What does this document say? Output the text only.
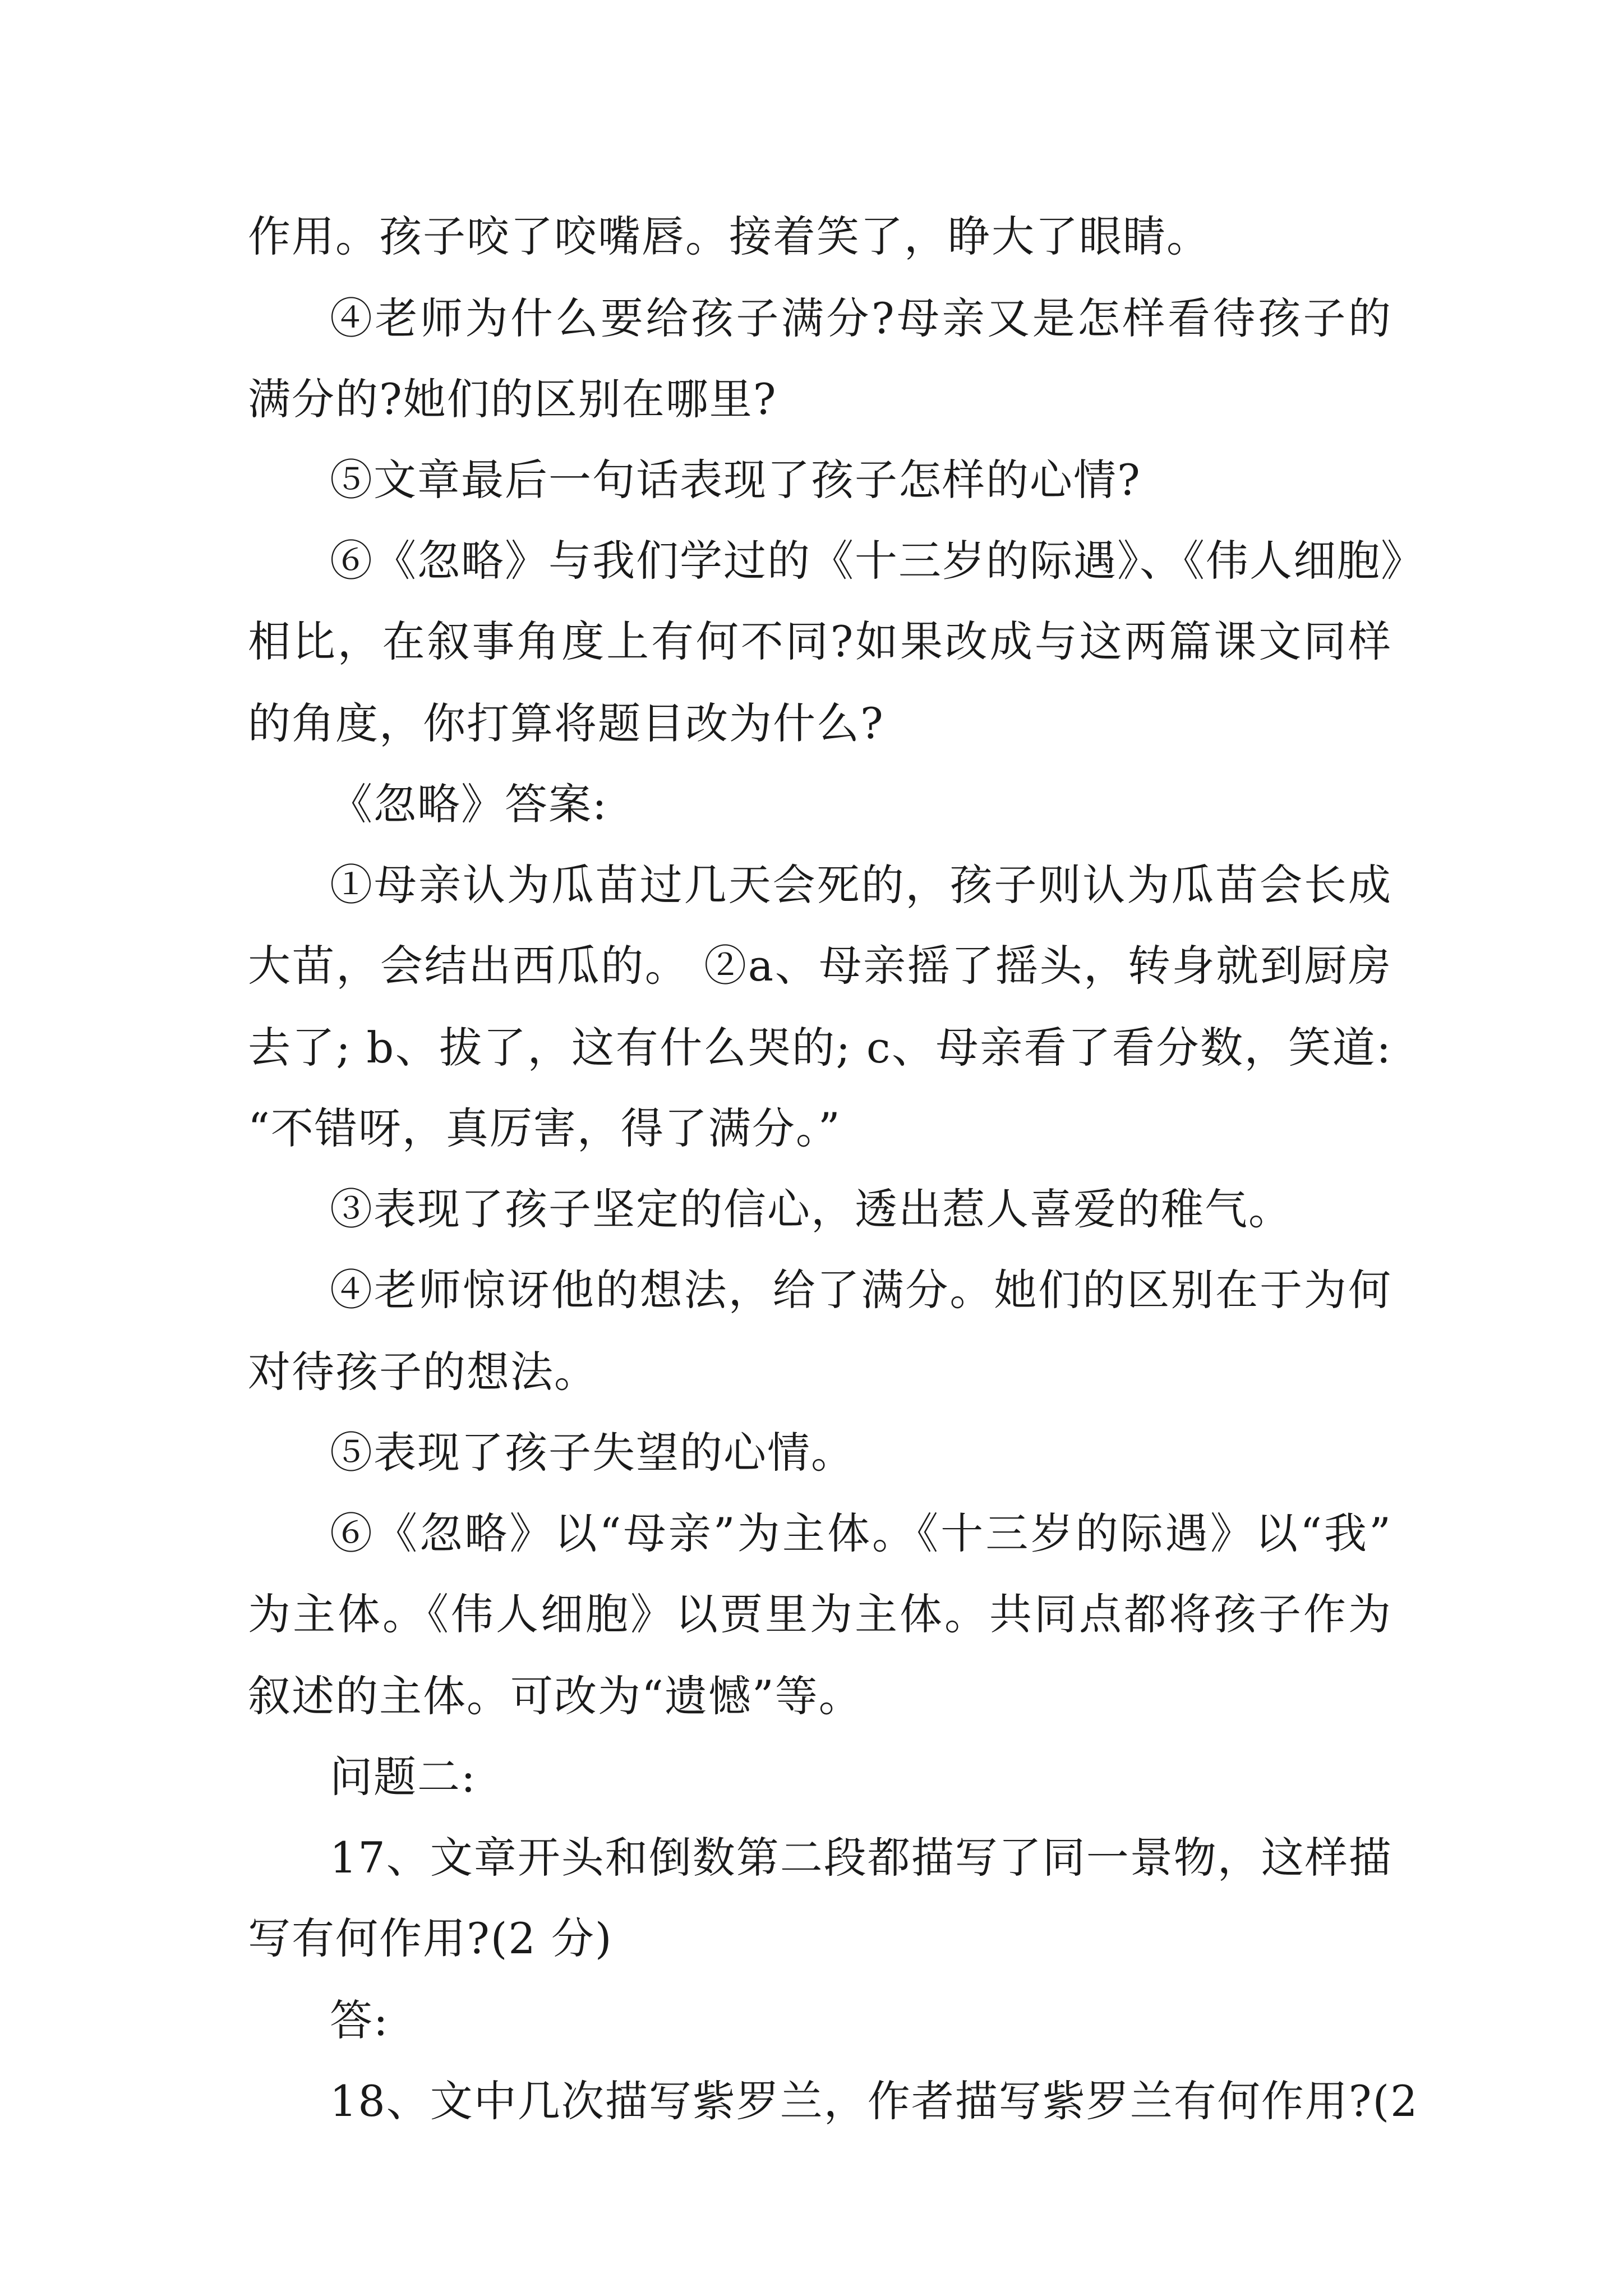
作用。孩子咬了咬嘴唇。接着笑了，睁大了眼睛。
④老师为什么要给孩子满分?母亲又是怎样看待孩子的
满分的?她们的区别在哪里?
⑤文章最后一句话表现了孩子怎样的心情?
⑥《忽略》与我们学过的《十三岁的际遇》、《伟人细胞》
相比，在叙事角度上有何不同?如果改成与这两篇课文同样
的角度，你打算将题目改为什么?
《忽略》答案:
①母亲认为瓜苗过几天会死的，孩子则认为瓜苗会长成
大苗，会结出西瓜的。 ②a、母亲摇了摇头，转身就到厨房
去了; b、拔了，这有什么哭的; c、母亲看了看分数，笑道:
“不错呀，真厉害，得了满分。”
③表现了孩子坚定的信心，透出惹人喜爱的稚气。
④老师惊讶他的想法，给了满分。她们的区别在于为何
对待孩子的想法。
⑤表现了孩子失望的心情。
⑥《忽略》以“母亲”为主体。《十三岁的际遇》以“我”
为主体。《伟人细胞》以贾里为主体。共同点都将孩子作为
叙述的主体。可改为“遗憾”等。
问题二:
17、文章开头和倒数第二段都描写了同一景物，这样描
写有何作用?(2 分)
答:
18、文中几次描写紫罗兰，作者描写紫罗兰有何作用?(2
